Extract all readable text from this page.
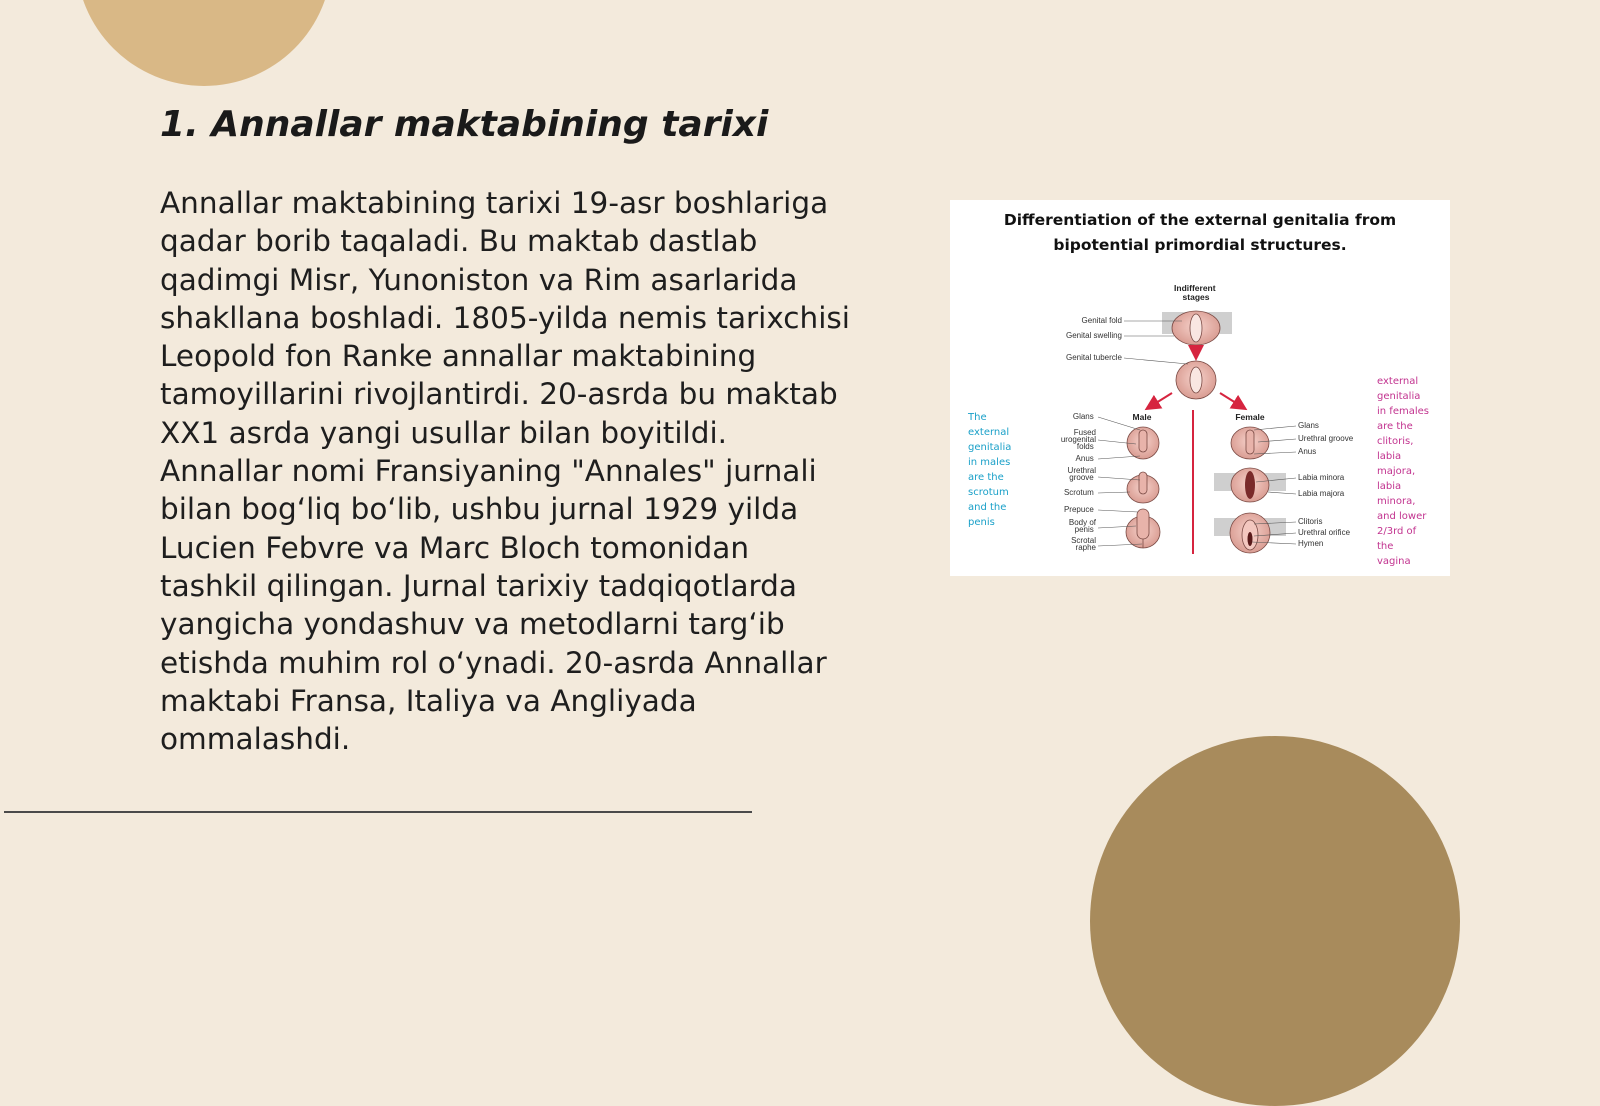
1. Annallar maktabining tarixi

Annallar maktabining tarixi 19-asr boshlariga qadar borib taqaladi. Bu maktab dastlab qadimgi Misr, Yunoniston va Rim asarlarida shakllana boshladi. 1805-yilda nemis tarixchisi Leopold fon Ranke annallar maktabining tamoyillarini rivojlantirdi. 20-asrda bu maktab XX1 asrda yangi usullar bilan boyitildi. Annallar nomi Fransiyaning "Annales" jurnali bilan bog‘liq bo‘lib, ushbu jurnal 1929 yilda Lucien Febvre va Marc Bloch tomonidan tashkil qilingan. Jurnal tarixiy tadqiqotlarda yangicha yondashuv va metodlarni targ‘ib etishda muhim rol o‘ynadi. 20-asrda Annallar maktabi Fransa, Italiya va Angliyada ommalashdi.

Differentiation of the external genitalia from
bipotential primordial structures.
Indifferent stages
Genital fold
Genital swelling
Genital tubercle
Male	Female
Glans Fused urogenital folds Anus Urethral groove Scrotum Prepuce Body of penis Scrotal raphe
Glans Urethral groove Anus Labia minora Labia majora Clitoris Urethral orifice Hymen
The
external
genitalia
in males
are the
scrotum
and the
penis
external
genitalia
in females
are the
clitoris,
labia
majora,
labia
minora,
and lower
2/3rd of
the
vagina
